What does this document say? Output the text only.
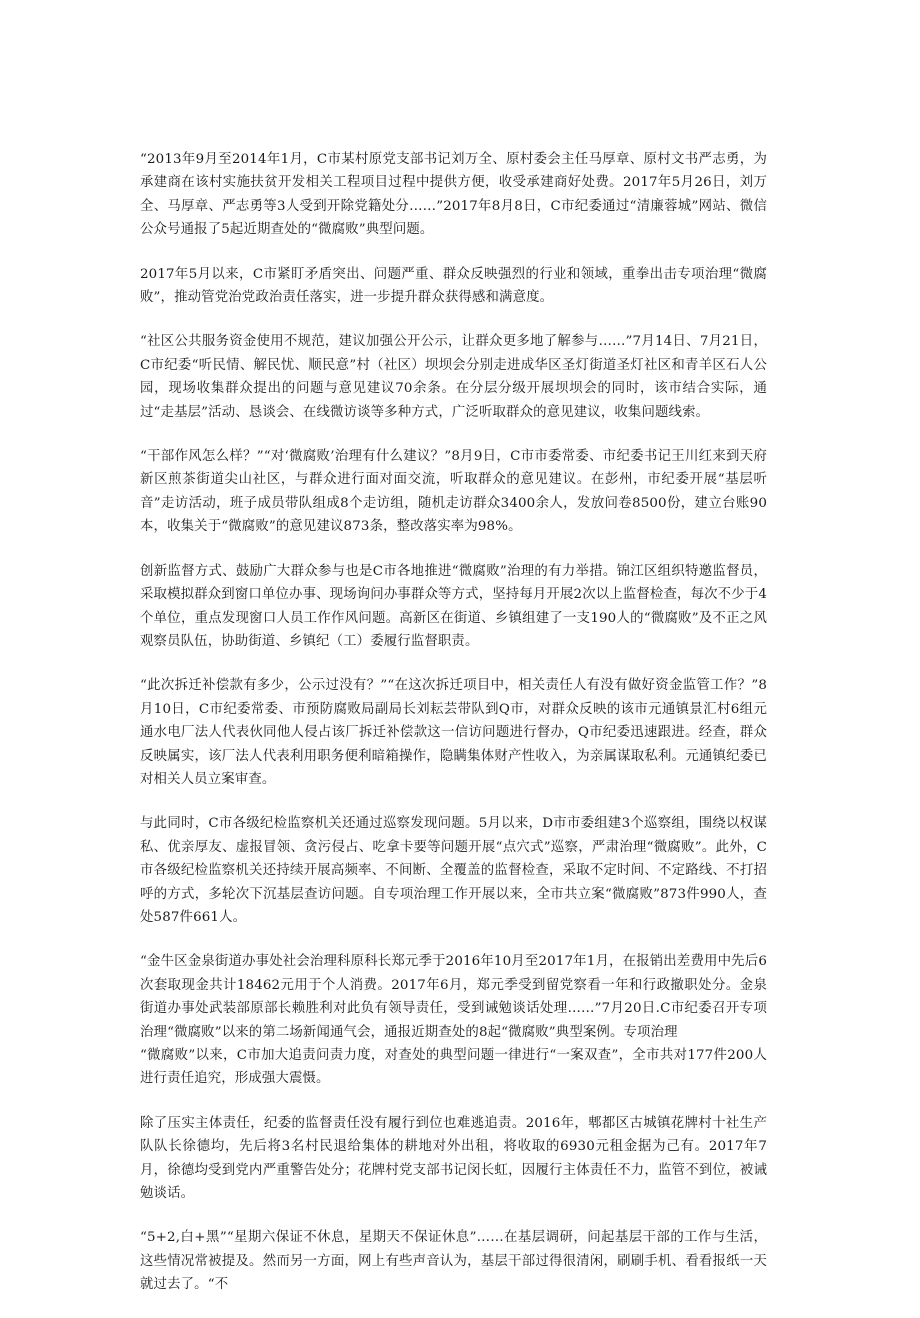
“2013年9月至2014年1月，C市某村原党支部书记刘万全、原村委会主任马厚章、原村文书严志勇，为承建商在该村实施扶贫开发相关工程项目过程中提供方便，收受承建商好处费。2017年5月26日，刘万全、马厚章、严志勇等3人受到开除党籍处分……”2017年8月8日，C市纪委通过“清廉蓉城”网站、微信公众号通报了5起近期查处的“微腐败”典型问题。

2017年5月以来，C市紧盯矛盾突出、问题严重、群众反映强烈的行业和领域，重拳出击专项治理“微腐败”，推动管党治党政治责任落实，进一步提升群众获得感和满意度。

“社区公共服务资金使用不规范，建议加强公开公示，让群众更多地了解参与……”7月14日、7月21日，C市纪委“听民情、解民忧、顺民意”村（社区）坝坝会分别走进成华区圣灯街道圣灯社区和青羊区石人公园，现场收集群众提出的问题与意见建议70余条。在分层分级开展坝坝会的同时，该市结合实际，通过“走基层”活动、恳谈会、在线微访谈等多种方式，广泛听取群众的意见建议，收集问题线索。

“干部作风怎么样？”“对‘微腐败’治理有什么建议？”8月9日，C市市委常委、市纪委书记王川红来到天府新区煎茶街道尖山社区，与群众进行面对面交流，听取群众的意见建议。在彭州，市纪委开展“基层听音”走访活动，班子成员带队组成8个走访组，随机走访群众3400余人，发放问卷8500份，建立台账90本，收集关于“微腐败”的意见建议873条，整改落实率为98%。

创新监督方式、鼓励广大群众参与也是C市各地推进“微腐败”治理的有力举措。锦江区组织特邀监督员，采取模拟群众到窗口单位办事、现场询问办事群众等方式，坚持每月开展2次以上监督检查，每次不少于4个单位，重点发现窗口人员工作作风问题。高新区在街道、乡镇组建了一支190人的“微腐败”及不正之风观察员队伍，协助街道、乡镇纪（工）委履行监督职责。

“此次拆迁补偿款有多少，公示过没有？”“在这次拆迁项目中，相关责任人有没有做好资金监管工作？”8月10日，C市纪委常委、市预防腐败局副局长刘耘芸带队到Q市，对群众反映的该市元通镇景汇村6组元通水电厂法人代表伙同他人侵占该厂拆迁补偿款这一信访问题进行督办，Q市纪委迅速跟进。经查，群众反映属实，该厂法人代表利用职务便利暗箱操作，隐瞒集体财产性收入，为亲属谋取私利。元通镇纪委已对相关人员立案审查。

与此同时，C市各级纪检监察机关还通过巡察发现问题。5月以来，D市市委组建3个巡察组，围绕以权谋私、优亲厚友、虚报冒领、贪污侵占、吃拿卡要等问题开展“点穴式”巡察，严肃治理“微腐败”。此外，C市各级纪检监察机关还持续开展高频率、不间断、全覆盖的监督检查，采取不定时间、不定路线、不打招呼的方式，多轮次下沉基层查访问题。自专项治理工作开展以来，全市共立案“微腐败”873件990人，查处587件661人。

“金牛区金泉街道办事处社会治理科原科长郑元季于2016年10月至2017年1月，在报销出差费用中先后6次套取现金共计18462元用于个人消费。2017年6月，郑元季受到留党察看一年和行政撤职处分。金泉街道办事处武装部原部长赖胜利对此负有领导责任，受到诫勉谈话处理……”7月20日.C市纪委召开专项治理“微腐败”以来的第二场新闻通气会，通报近期查处的8起“微腐败”典型案例。专项治理

“微腐败”以来，C市加大追责问责力度，对查处的典型问题一律进行“一案双查”，全市共对177件200人进行责任追究，形成强大震慑。

除了压实主体责任，纪委的监督责任没有履行到位也难逃追责。2016年，郫都区古城镇花牌村十社生产队队长徐德均，先后将3名村民退给集体的耕地对外出租，将收取的6930元租金据为己有。2017年7月，徐德均受到党内严重警告处分；花牌村党支部书记闵长虹，因履行主体责任不力，监管不到位，被诫勉谈话。

“5+2,白+黑”“星期六保证不休息，星期天不保证休息”……在基层调研，问起基层干部的工作与生活，这些情况常被提及。然而另一方面，网上有些声音认为，基层干部过得很清闲，刷刷手机、看看报纸一天就过去了。“不
